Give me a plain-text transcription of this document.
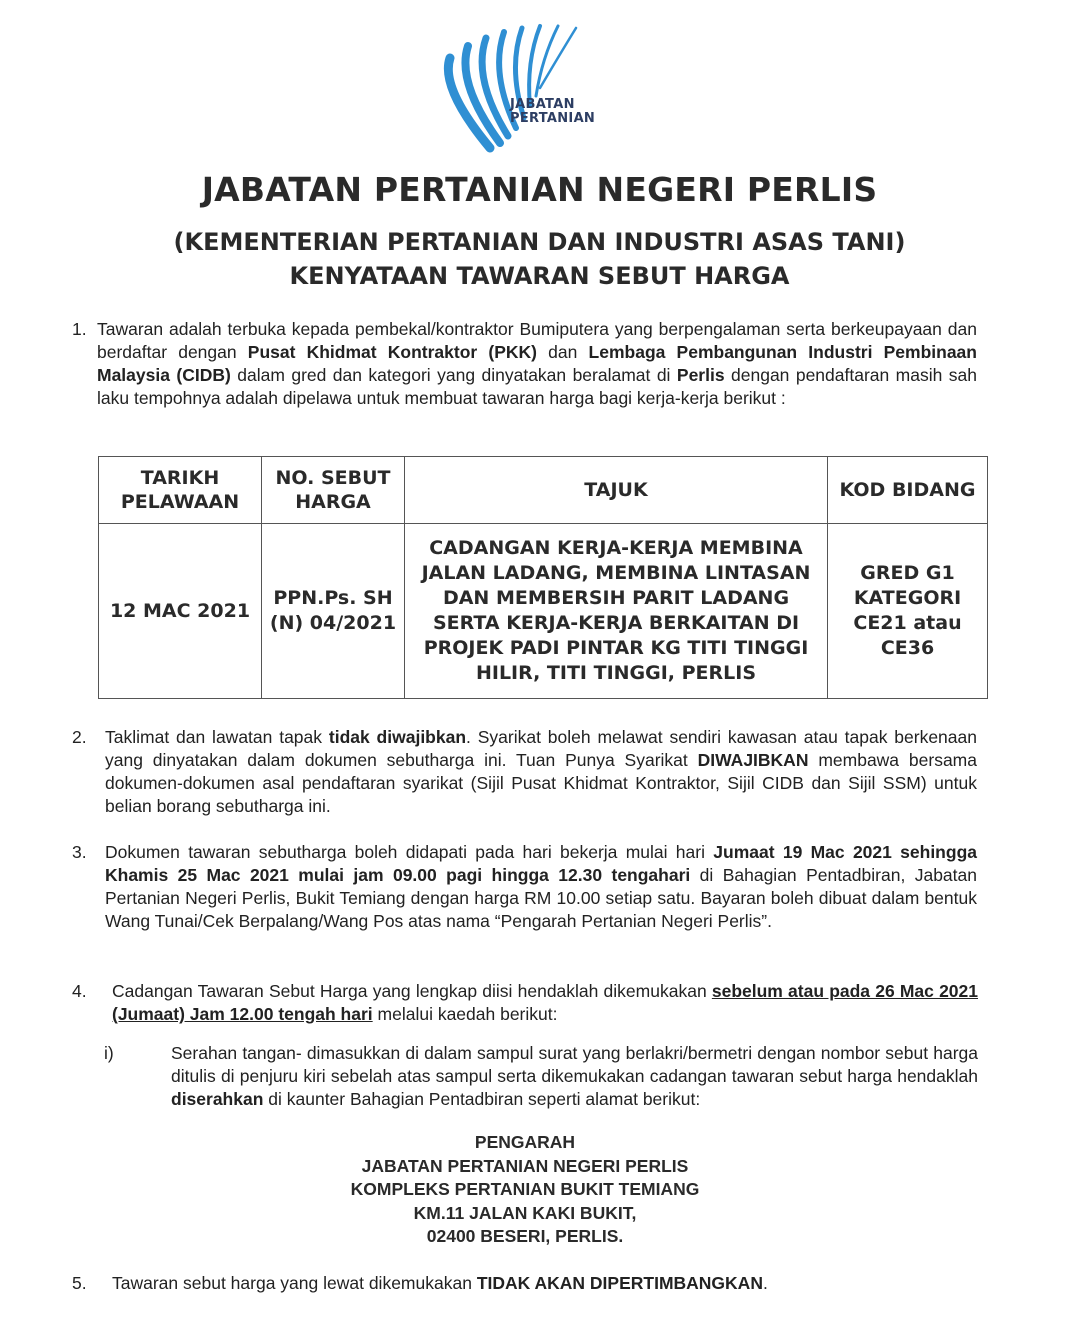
JABATAN
PERTANIAN
JABATAN PERTANIAN NEGERI PERLIS
(KEMENTERIAN PERTANIAN DAN INDUSTRI ASAS TANI)
KENYATAAN TAWARAN SEBUT HARGA
1. Tawaran adalah terbuka kepada pembekal/kontraktor Bumiputera yang berpengalaman serta berkeupayaan dan berdaftar dengan Pusat Khidmat Kontraktor (PKK) dan Lembaga Pembangunan Industri Pembinaan Malaysia (CIDB) dalam gred dan kategori yang dinyatakan beralamat di Perlis dengan pendaftaran masih sah laku tempohnya adalah dipelawa untuk membuat tawaran harga bagi kerja-kerja berikut :
TARIKH PELAWAAN	NO. SEBUT HARGA	TAJUK	KOD BIDANG
12 MAC 2021	PPN.Ps. SH (N) 04/2021	CADANGAN KERJA-KERJA MEMBINA JALAN LADANG, MEMBINA LINTASAN DAN MEMBERSIH PARIT LADANG SERTA KERJA-KERJA BERKAITAN DI PROJEK PADI PINTAR KG TITI TINGGI HILIR, TITI TINGGI, PERLIS	GRED G1 KATEGORI CE21 atau CE36
2. Taklimat dan lawatan tapak tidak diwajibkan. Syarikat boleh melawat sendiri kawasan atau tapak berkenaan yang dinyatakan dalam dokumen sebutharga ini. Tuan Punya Syarikat DIWAJIBKAN membawa bersama dokumen-dokumen asal pendaftaran syarikat (Sijil Pusat Khidmat Kontraktor, Sijil CIDB dan Sijil SSM) untuk belian borang sebutharga ini.
3. Dokumen tawaran sebutharga boleh didapati pada hari bekerja mulai hari Jumaat 19 Mac 2021 sehingga Khamis 25 Mac 2021 mulai jam 09.00 pagi hingga 12.30 tengahari di Bahagian Pentadbiran, Jabatan Pertanian Negeri Perlis, Bukit Temiang dengan harga RM 10.00 setiap satu. Bayaran boleh dibuat dalam bentuk Wang Tunai/Cek Berpalang/Wang Pos atas nama “Pengarah Pertanian Negeri Perlis”.
4. Cadangan Tawaran Sebut Harga yang lengkap diisi hendaklah dikemukakan sebelum atau pada 26 Mac 2021 (Jumaat) Jam 12.00 tengah hari melalui kaedah berikut:
i)	Serahan tangan- dimasukkan di dalam sampul surat yang berlakri/bermetri dengan nombor sebut harga ditulis di penjuru kiri sebelah atas sampul serta dikemukakan cadangan tawaran sebut harga hendaklah diserahkan di kaunter Bahagian Pentadbiran seperti alamat berikut:
PENGARAH
JABATAN PERTANIAN NEGERI PERLIS
KOMPLEKS PERTANIAN BUKIT TEMIANG
KM.11 JALAN KAKI BUKIT,
02400 BESERI, PERLIS.
5. Tawaran sebut harga yang lewat dikemukakan TIDAK AKAN DIPERTIMBANGKAN.
